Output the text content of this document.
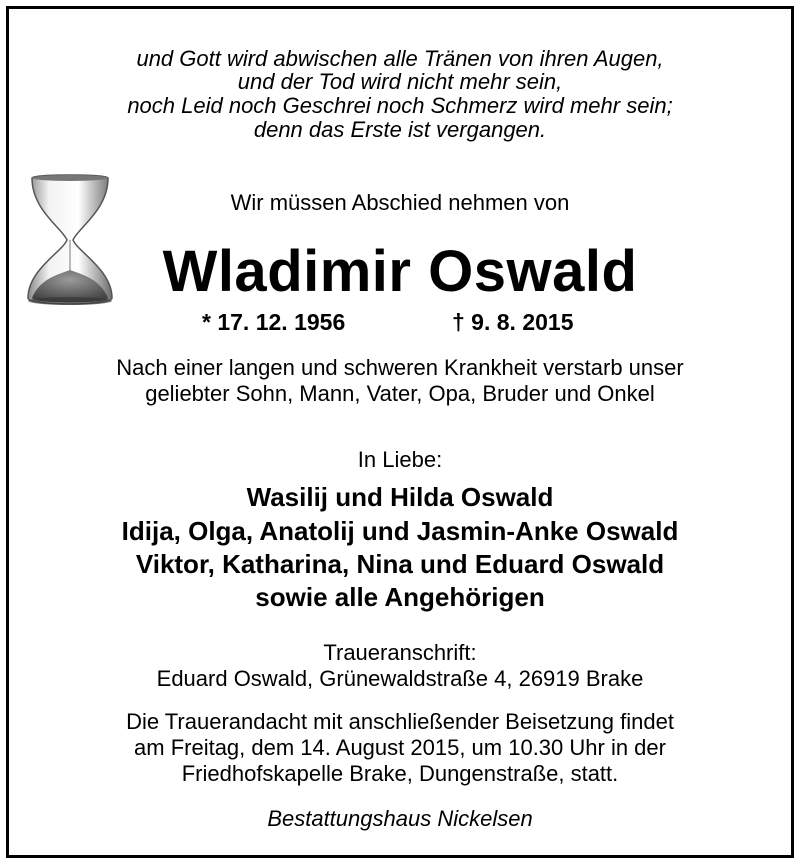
und Gott wird abwischen alle Tränen von ihren Augen,
und der Tod wird nicht mehr sein,
noch Leid noch Geschrei noch Schmerz wird mehr sein;
denn das Erste ist vergangen.
Wir müssen Abschied nehmen von
Wladimir Oswald
* 17. 12. 1956	† 9. 8. 2015
Nach einer langen und schweren Krankheit verstarb unser
geliebter Sohn, Mann, Vater, Opa, Bruder und Onkel
In Liebe:
Wasilij und Hilda Oswald
Idija, Olga, Anatolij und Jasmin-Anke Oswald
Viktor, Katharina, Nina und Eduard Oswald
sowie alle Angehörigen
Traueranschrift:
Eduard Oswald, Grünewaldstraße 4, 26919 Brake
Die Trauerandacht mit anschließender Beisetzung findet
am Freitag, dem 14. August 2015, um 10.30 Uhr in der
Friedhofskapelle Brake, Dungenstraße, statt.
Bestattungshaus Nickelsen
